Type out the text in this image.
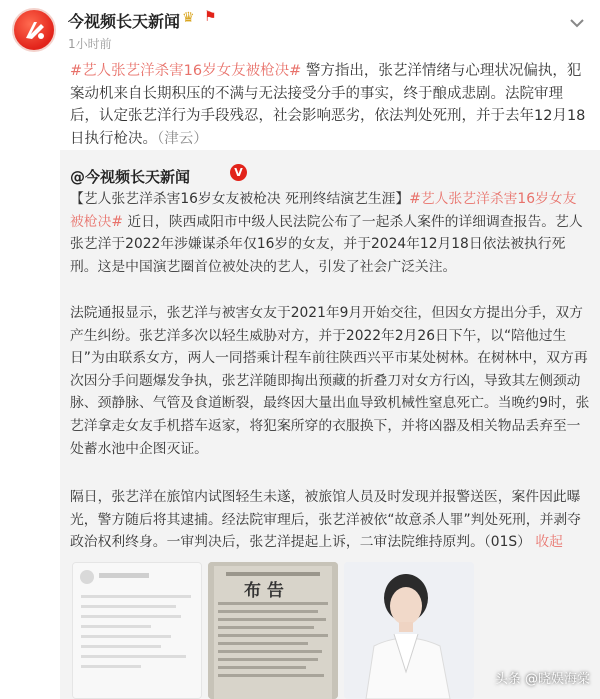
今视频长天新闻 ♛ ⚑
1小时前
#艺人张艺洋杀害16岁女友被枪决# 警方指出，张艺洋情绪与心理状况偏执，犯案动机来自长期积压的不满与无法接受分手的事实，终于酿成悲剧。法院审理后，认定张艺洋行为手段残忍，社会影响恶劣，依法判处死刑，并于去年12月18日执行枪决。（津云）
@今视频长天新闻	V
【艺人张艺洋杀害16岁女友被枪决 死刑终结演艺生涯】#艺人张艺洋杀害16岁女友被枪决# 近日，陕西咸阳市中级人民法院公布了一起杀人案件的详细调查报告。艺人张艺洋于2022年涉嫌谋杀年仅16岁的女友，并于2024年12月18日依法被执行死刑。这是中国演艺圈首位被处决的艺人，引发了社会广泛关注。
法院通报显示，张艺洋与被害女友于2021年9月开始交往，但因女方提出分手，双方产生纠纷。张艺洋多次以轻生威胁对方，并于2022年2月26日下午，以“陪他过生日”为由联系女方，两人一同搭乘计程车前往陕西兴平市某处树林。在树林中，双方再次因分手问题爆发争执，张艺洋随即掏出预藏的折叠刀对女方行凶，导致其左侧颈动脉、颈静脉、气管及食道断裂，最终因大量出血导致机械性窒息死亡。当晚约9时，张艺洋拿走女友手机搭车返家，将犯案所穿的衣服换下，并将凶器及相关物品丢弃至一处蓄水池中企图灭证。
隔日，张艺洋在旅馆内试图轻生未遂，被旅馆人员及时发现并报警送医，案件因此曝光，警方随后将其逮捕。经法院审理后，张艺洋被依“故意杀人罪”判处死刑，并剥夺政治权利终身。一审判决后，张艺洋提起上诉，二审法院维持原判。（01S） 收起
布 告
头条 @晓娱海棠
